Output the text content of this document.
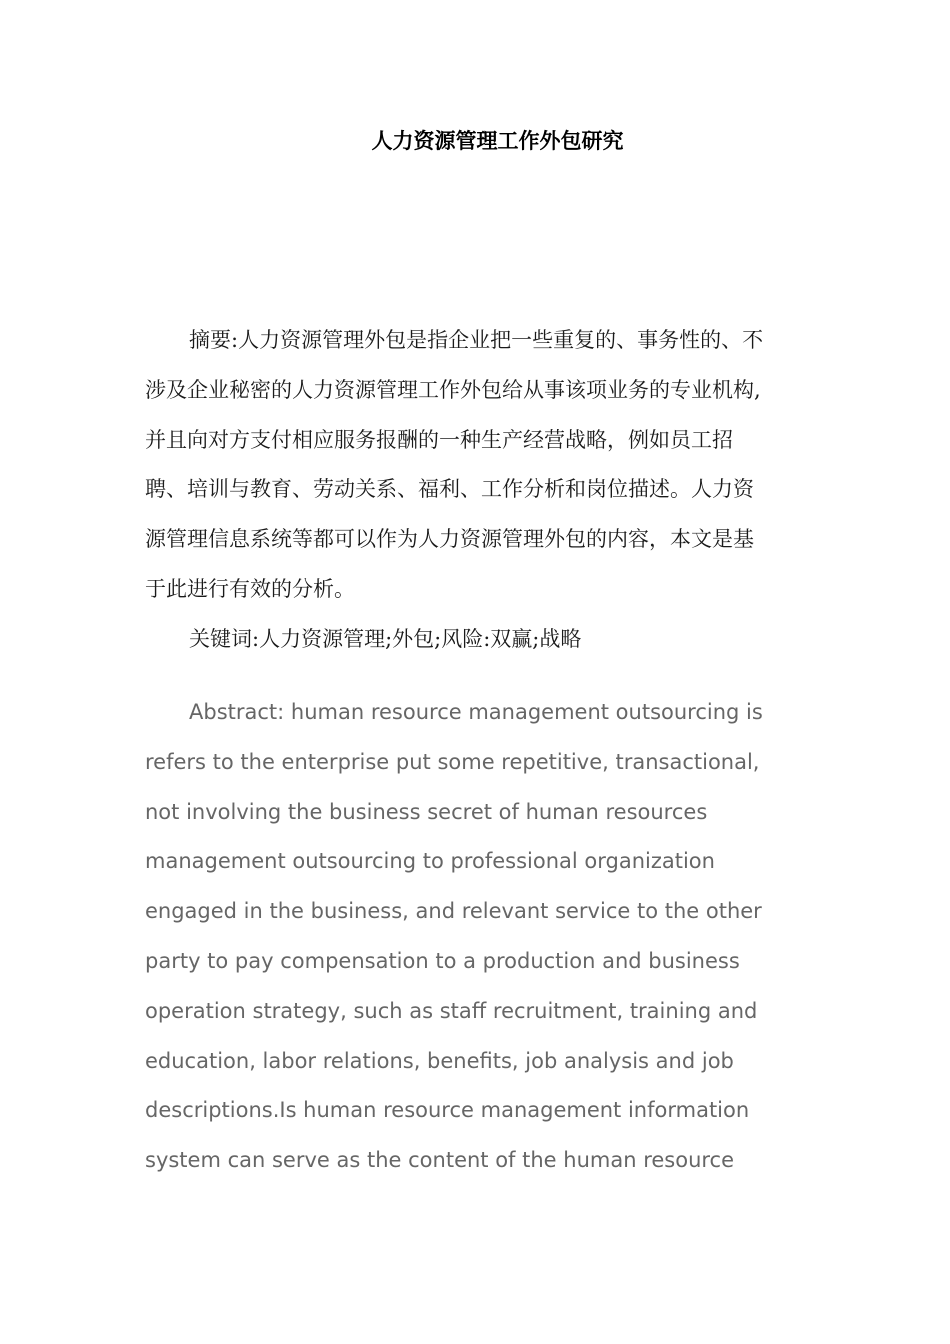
人力资源管理工作外包研究
摘要:人力资源管理外包是指企业把一些重复的、事务性的、不
涉及企业秘密的人力资源管理工作外包给从事该项业务的专业机构,
并且向对方支付相应服务报酬的一种生产经营战略，例如员工招
聘、培训与教育、劳动关系、福利、工作分析和岗位描述。人力资
源管理信息系统等都可以作为人力资源管理外包的内容，本文是基
于此进行有效的分析。

关键词:人力资源管理;外包;风险:双赢;战略

Abstract: human resource management outsourcing is
refers to the enterprise put some repetitive, transactional,
not involving the business secret of human resources
management outsourcing to professional organization
engaged in the business, and relevant service to the other
party to pay compensation to a production and business
operation strategy, such as staff recruitment, training and
education, labor relations, benefits, job analysis and job
descriptions.Is human resource management information
system can serve as the content of the human resource
